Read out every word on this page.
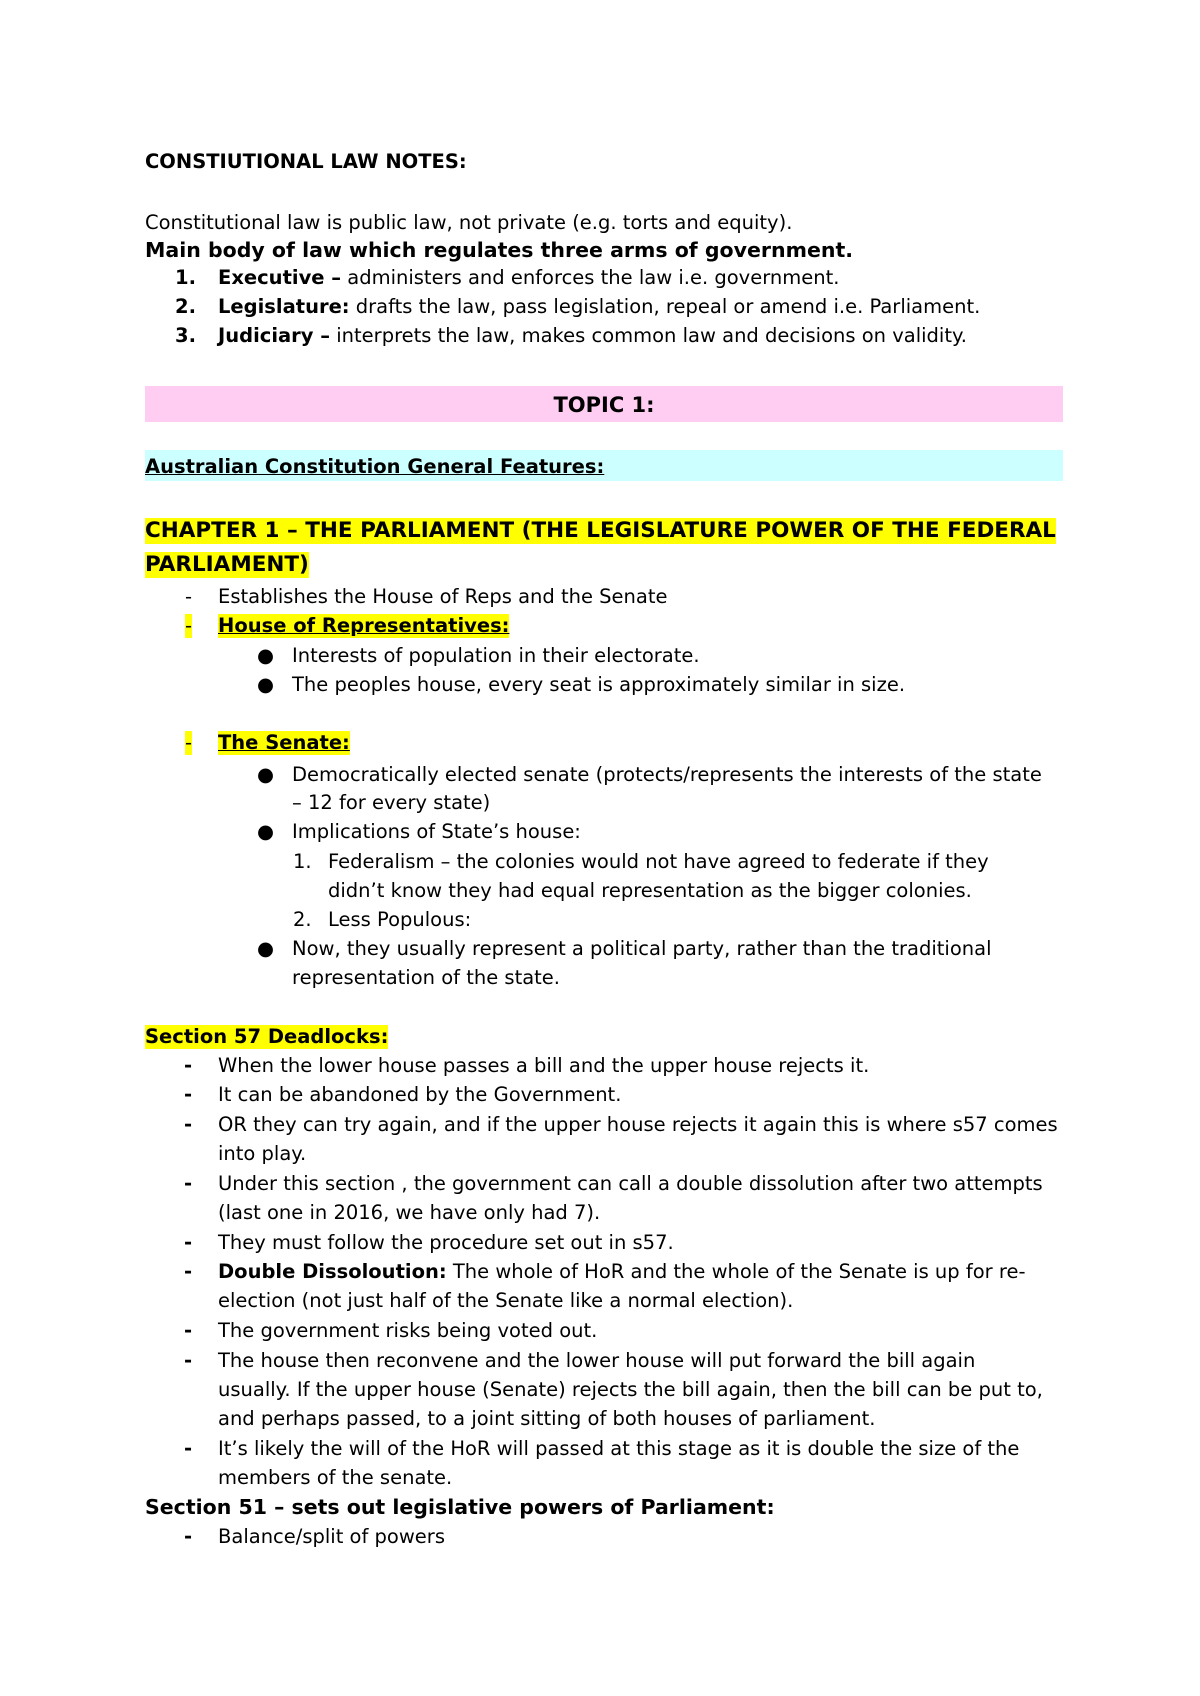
CONSTIUTIONAL LAW NOTES:
Constitutional law is public law, not private (e.g. torts and equity).
Main body of law which regulates three arms of government.
1. Executive – administers and enforces the law i.e. government.
2. Legislature: drafts the law, pass legislation, repeal or amend i.e. Parliament.
3. Judiciary – interprets the law, makes common law and decisions on validity.
TOPIC 1:
Australian Constitution General Features:
CHAPTER 1 – THE PARLIAMENT (THE LEGISLATURE POWER OF THE FEDERAL
PARLIAMENT)
- Establishes the House of Reps and the Senate
- House of Representatives:
● Interests of population in their electorate.
● The peoples house, every seat is approximately similar in size.
- The Senate:
● Democratically elected senate (protects/represents the interests of the state
– 12 for every state)
● Implications of State’s house:
1. Federalism – the colonies would not have agreed to federate if they
didn’t know they had equal representation as the bigger colonies.
2. Less Populous:
● Now, they usually represent a political party, rather than the traditional
representation of the state.
Section 57 Deadlocks:
- When the lower house passes a bill and the upper house rejects it.
- It can be abandoned by the Government.
- OR they can try again, and if the upper house rejects it again this is where s57 comes
into play.
- Under this section , the government can call a double dissolution after two attempts
(last one in 2016, we have only had 7).
- They must follow the procedure set out in s57.
- Double Dissoloution: The whole of HoR and the whole of the Senate is up for re-
election (not just half of the Senate like a normal election).
- The government risks being voted out.
- The house then reconvene and the lower house will put forward the bill again
usually. If the upper house (Senate) rejects the bill again, then the bill can be put to,
and perhaps passed, to a joint sitting of both houses of parliament.
- It’s likely the will of the HoR will passed at this stage as it is double the size of the
members of the senate.
Section 51 – sets out legislative powers of Parliament:
- Balance/split of powers
